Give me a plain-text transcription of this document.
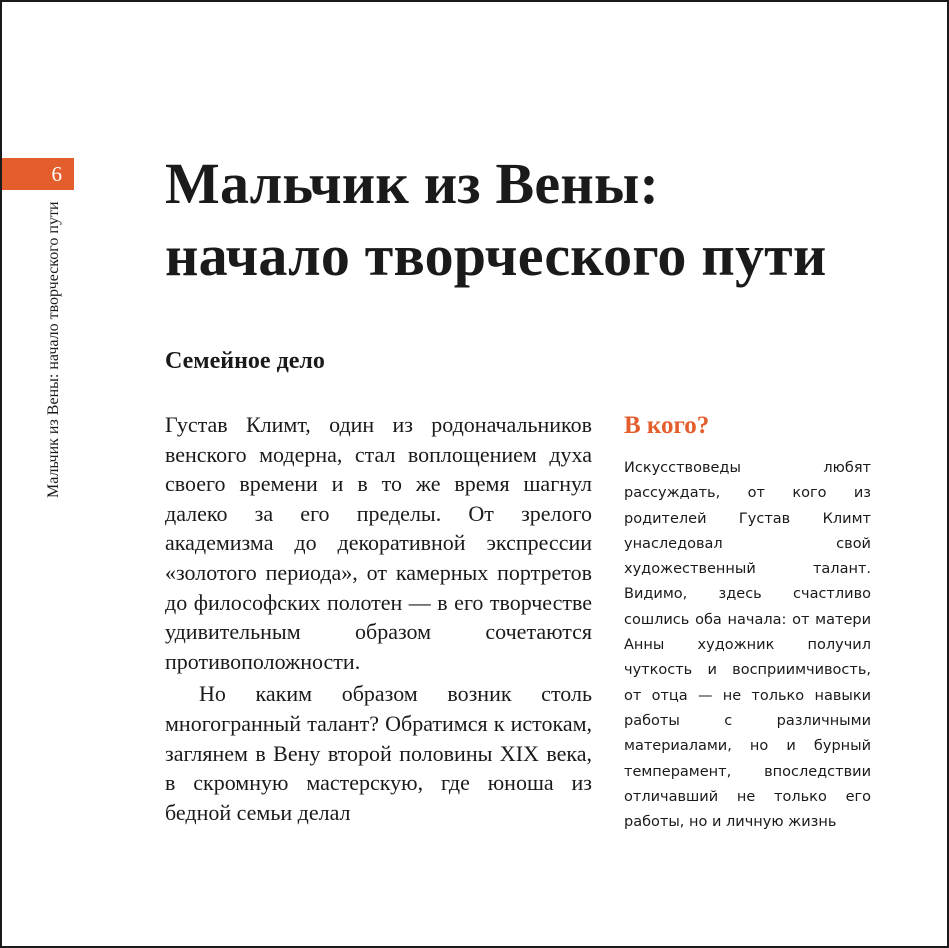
6
Мальчик из Вены: начало творческого пути
Мальчик из Вены:
начало творческого пути
Семейное дело

Густав Климт, один из родоначальников венского модерна, стал воплощением духа своего времени и в то же время шагнул далеко за его пределы. От зрелого академизма до декоративной экспрессии «золотого периода», от камерных портретов до философских полотен — в его творчестве удивительным образом сочетаются противоположности.

Но каким образом возник столь многогранный талант? Обратимся к истокам, заглянем в Вену второй половины XIX века, в скромную мастерскую, где юноша из бедной семьи делал

В кого?

Искусствоведы любят рассуждать, от кого из родителей Густав Климт унаследовал свой художественный талант. Видимо, здесь счастливо сошлись оба начала: от матери Анны художник получил чуткость и восприимчивость, от отца — не только навыки работы с различными материалами, но и бурный темперамент, впоследствии отличавший не только его работы, но и личную жизнь
